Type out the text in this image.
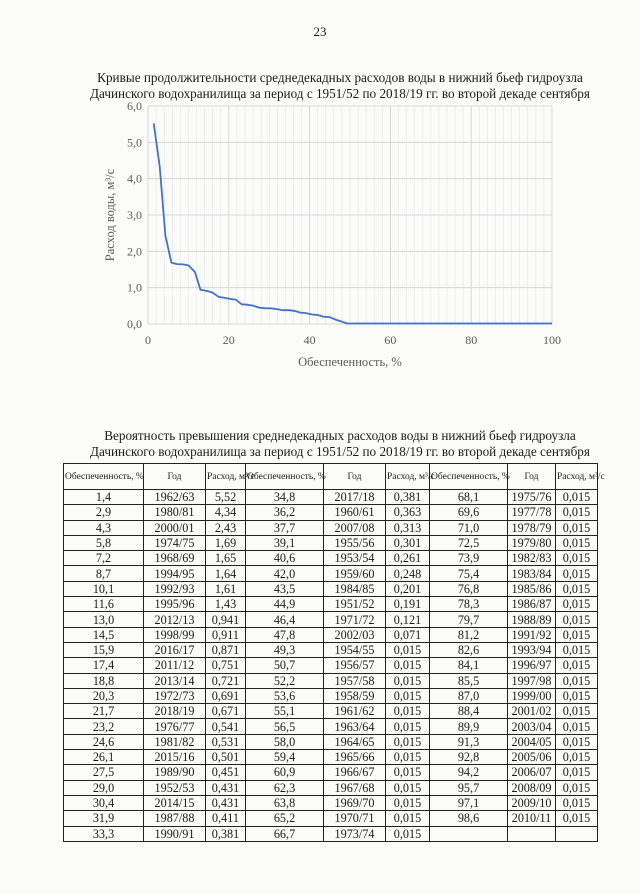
23
Кривые продолжительности среднедекадных расходов воды в нижний бьеф гидроузла
Дачинского водохранилища за период с 1951/52 по 2018/19 гг. во второй декаде сентября
0,0
1,0
2,0
3,0
4,0
5,0
6,0
0	20	40	60	80	100
Обеспеченность, %
Расход воды, м³/с
Вероятность превышения среднедекадных расходов воды в нижний бьеф гидроузла
Дачинского водохранилища за период с 1951/52 по 2018/19 гг. во второй декаде сентября
Обеспеченность, %	Год	Расход, м³/с	Обеспеченность, %	Год	Расход, м³/с	Обеспеченность, %	Год	Расход, м³/с
1,4	1962/63	5,52	34,8	2017/18	0,381	68,1	1975/76	0,015
2,9	1980/81	4,34	36,2	1960/61	0,363	69,6	1977/78	0,015
4,3	2000/01	2,43	37,7	2007/08	0,313	71,0	1978/79	0,015
5,8	1974/75	1,69	39,1	1955/56	0,301	72,5	1979/80	0,015
7,2	1968/69	1,65	40,6	1953/54	0,261	73,9	1982/83	0,015
8,7	1994/95	1,64	42,0	1959/60	0,248	75,4	1983/84	0,015
10,1	1992/93	1,61	43,5	1984/85	0,201	76,8	1985/86	0,015
11,6	1995/96	1,43	44,9	1951/52	0,191	78,3	1986/87	0,015
13,0	2012/13	0,941	46,4	1971/72	0,121	79,7	1988/89	0,015
14,5	1998/99	0,911	47,8	2002/03	0,071	81,2	1991/92	0,015
15,9	2016/17	0,871	49,3	1954/55	0,015	82,6	1993/94	0,015
17,4	2011/12	0,751	50,7	1956/57	0,015	84,1	1996/97	0,015
18,8	2013/14	0,721	52,2	1957/58	0,015	85,5	1997/98	0,015
20,3	1972/73	0,691	53,6	1958/59	0,015	87,0	1999/00	0,015
21,7	2018/19	0,671	55,1	1961/62	0,015	88,4	2001/02	0,015
23,2	1976/77	0,541	56,5	1963/64	0,015	89,9	2003/04	0,015
24,6	1981/82	0,531	58,0	1964/65	0,015	91,3	2004/05	0,015
26,1	2015/16	0,501	59,4	1965/66	0,015	92,8	2005/06	0,015
27,5	1989/90	0,451	60,9	1966/67	0,015	94,2	2006/07	0,015
29,0	1952/53	0,431	62,3	1967/68	0,015	95,7	2008/09	0,015
30,4	2014/15	0,431	63,8	1969/70	0,015	97,1	2009/10	0,015
31,9	1987/88	0,411	65,2	1970/71	0,015	98,6	2010/11	0,015
33,3	1990/91	0,381	66,7	1973/74	0,015			
